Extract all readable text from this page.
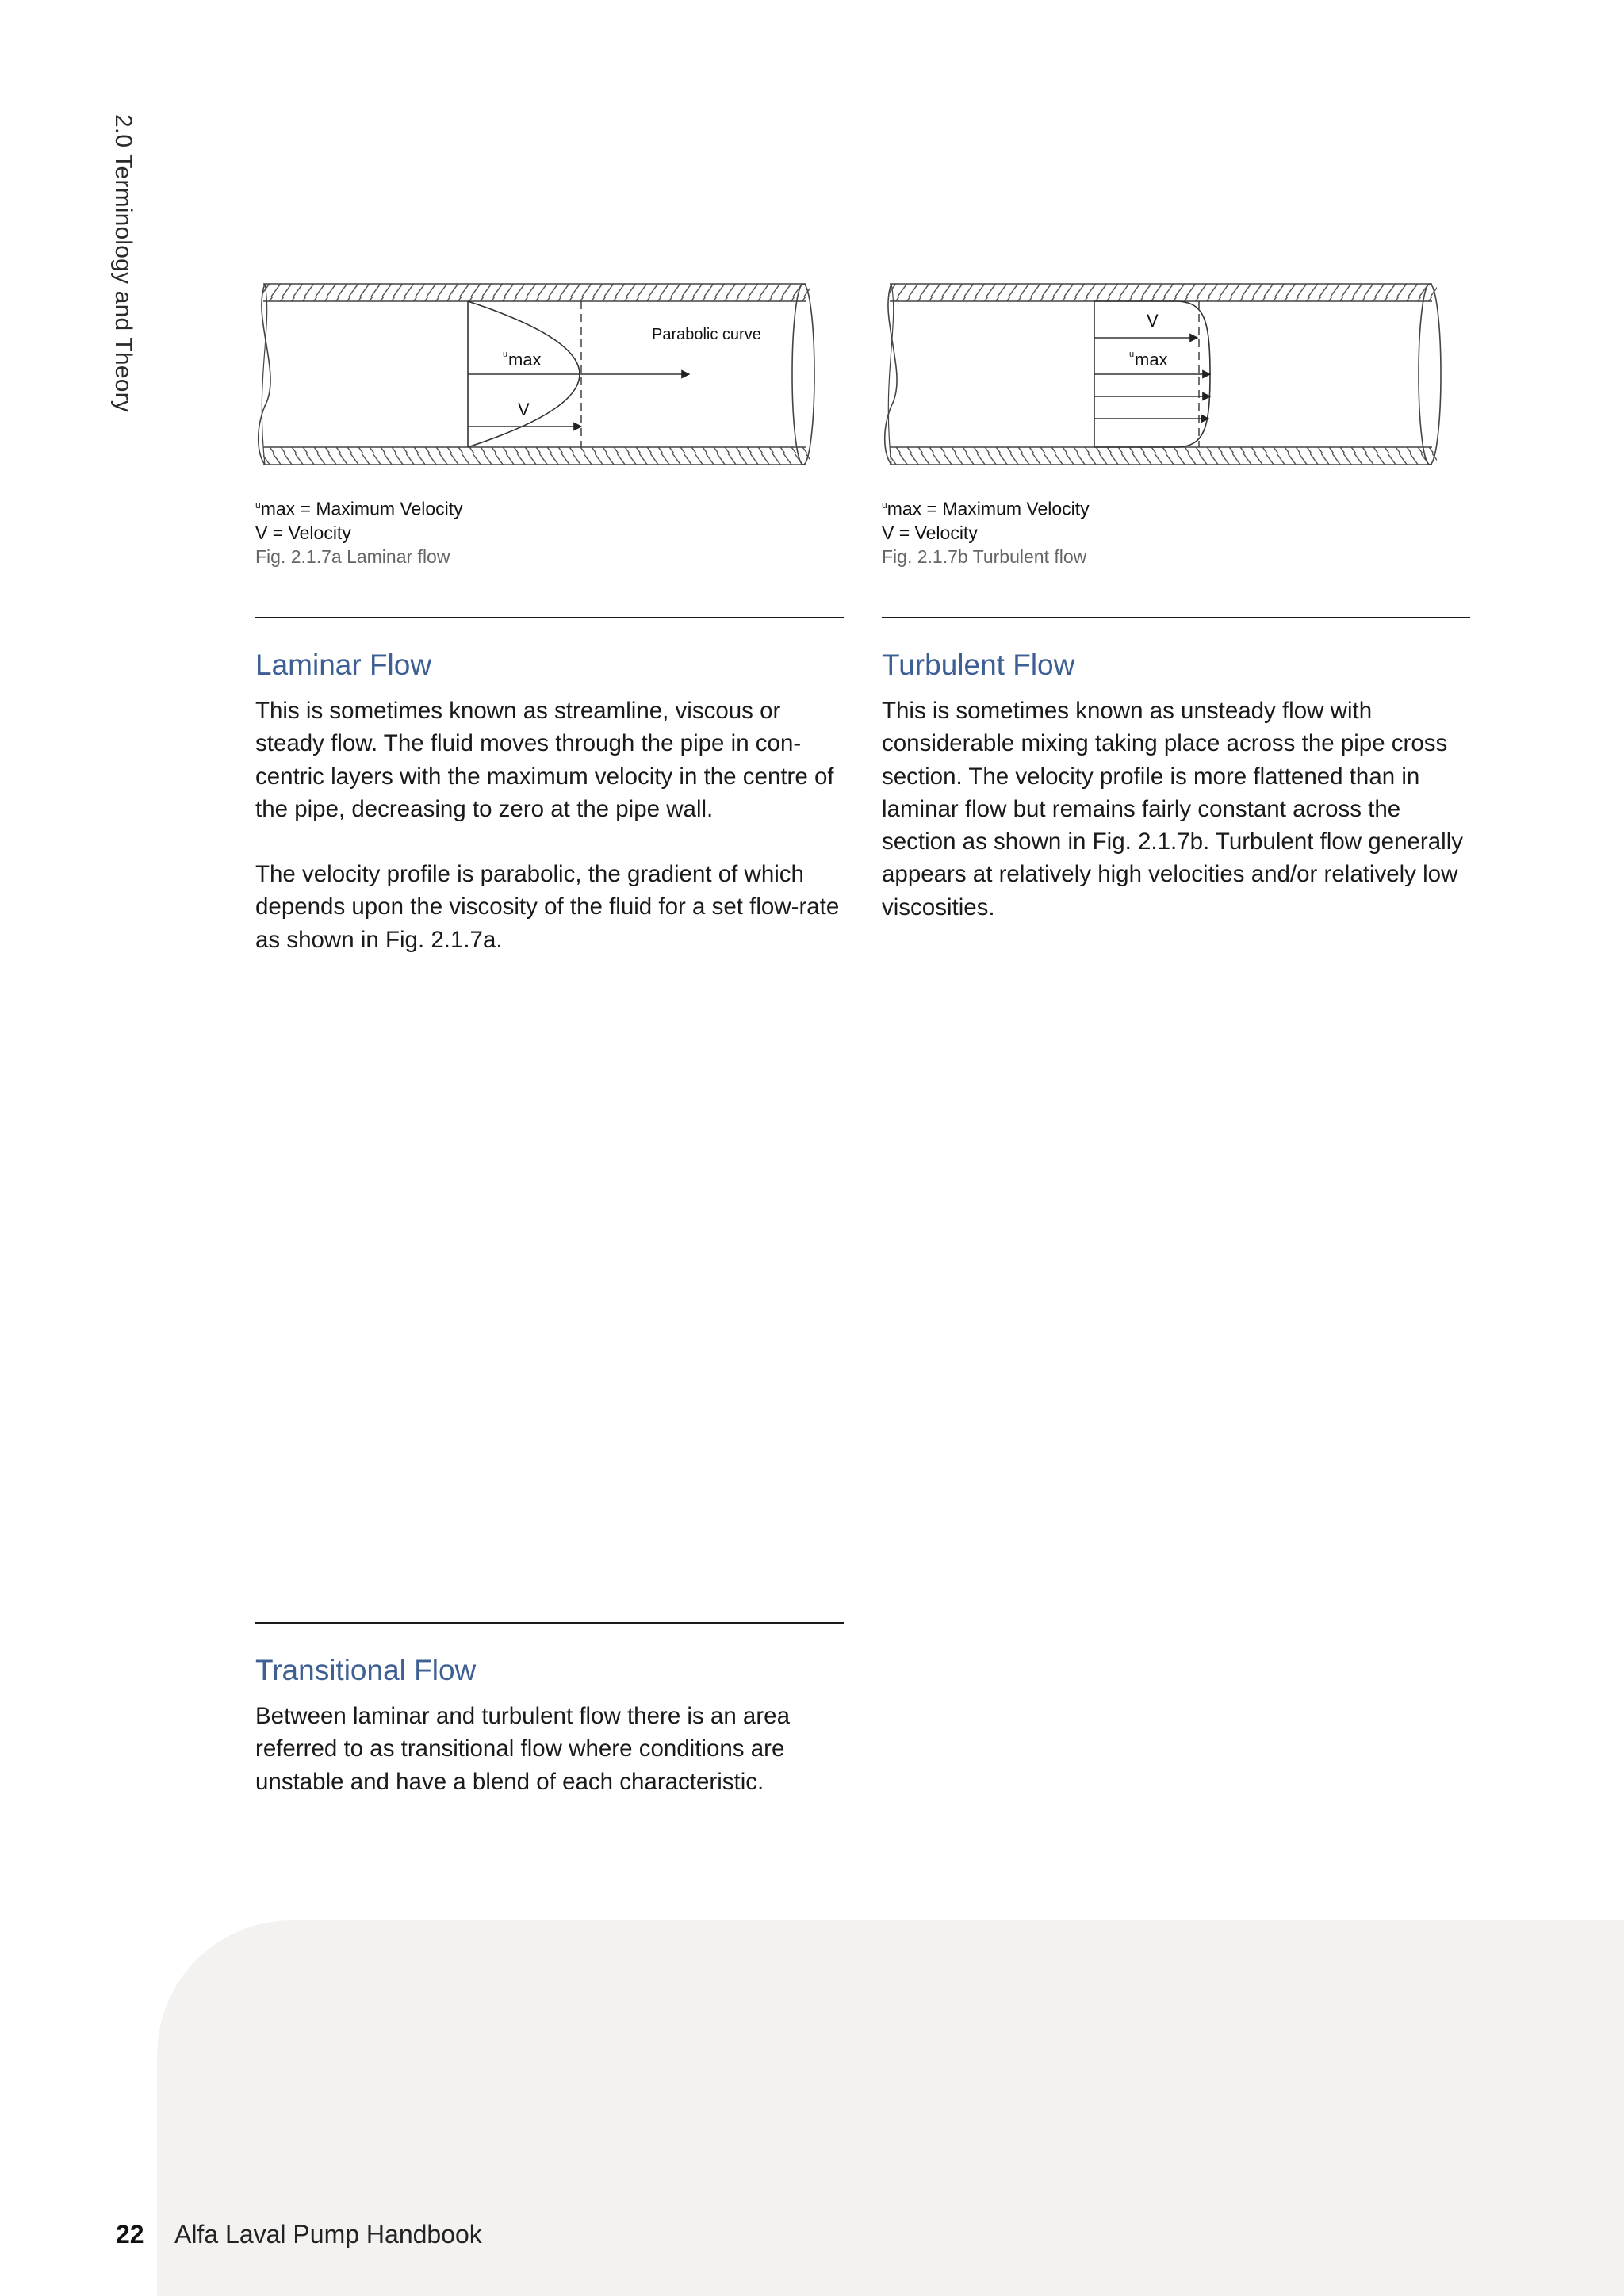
2.0 Terminology and Theory	Parabolic curve
u max
V
V
u max
$^u$max = Maximum Velocity
V = Velocity
Fig. 2.1.7a Laminar flow
$^u$max = Maximum Velocity
V = Velocity
Fig. 2.1.7b Turbulent flow
Laminar Flow

This is sometimes known as streamline, viscous or steady flow. The fluid moves through the pipe in con-centric layers with the maximum velocity in the centre of the pipe, decreasing to zero at the pipe wall.

The velocity profile is parabolic, the gradient of which depends upon the viscosity of the fluid for a set flow-rate as shown in Fig. 2.1.7a.

Turbulent Flow

This is sometimes known as unsteady flow with considerable mixing taking place across the pipe cross section. The velocity profile is more flattened than in laminar flow but remains fairly constant across the section as shown in Fig. 2.1.7b. Turbulent flow generally appears at relatively high velocities and/or relatively low viscosities.

Transitional Flow

Between laminar and turbulent flow there is an area referred to as transitional flow where conditions are unstable and have a blend of each characteristic.

22 Alfa Laval Pump Handbook
